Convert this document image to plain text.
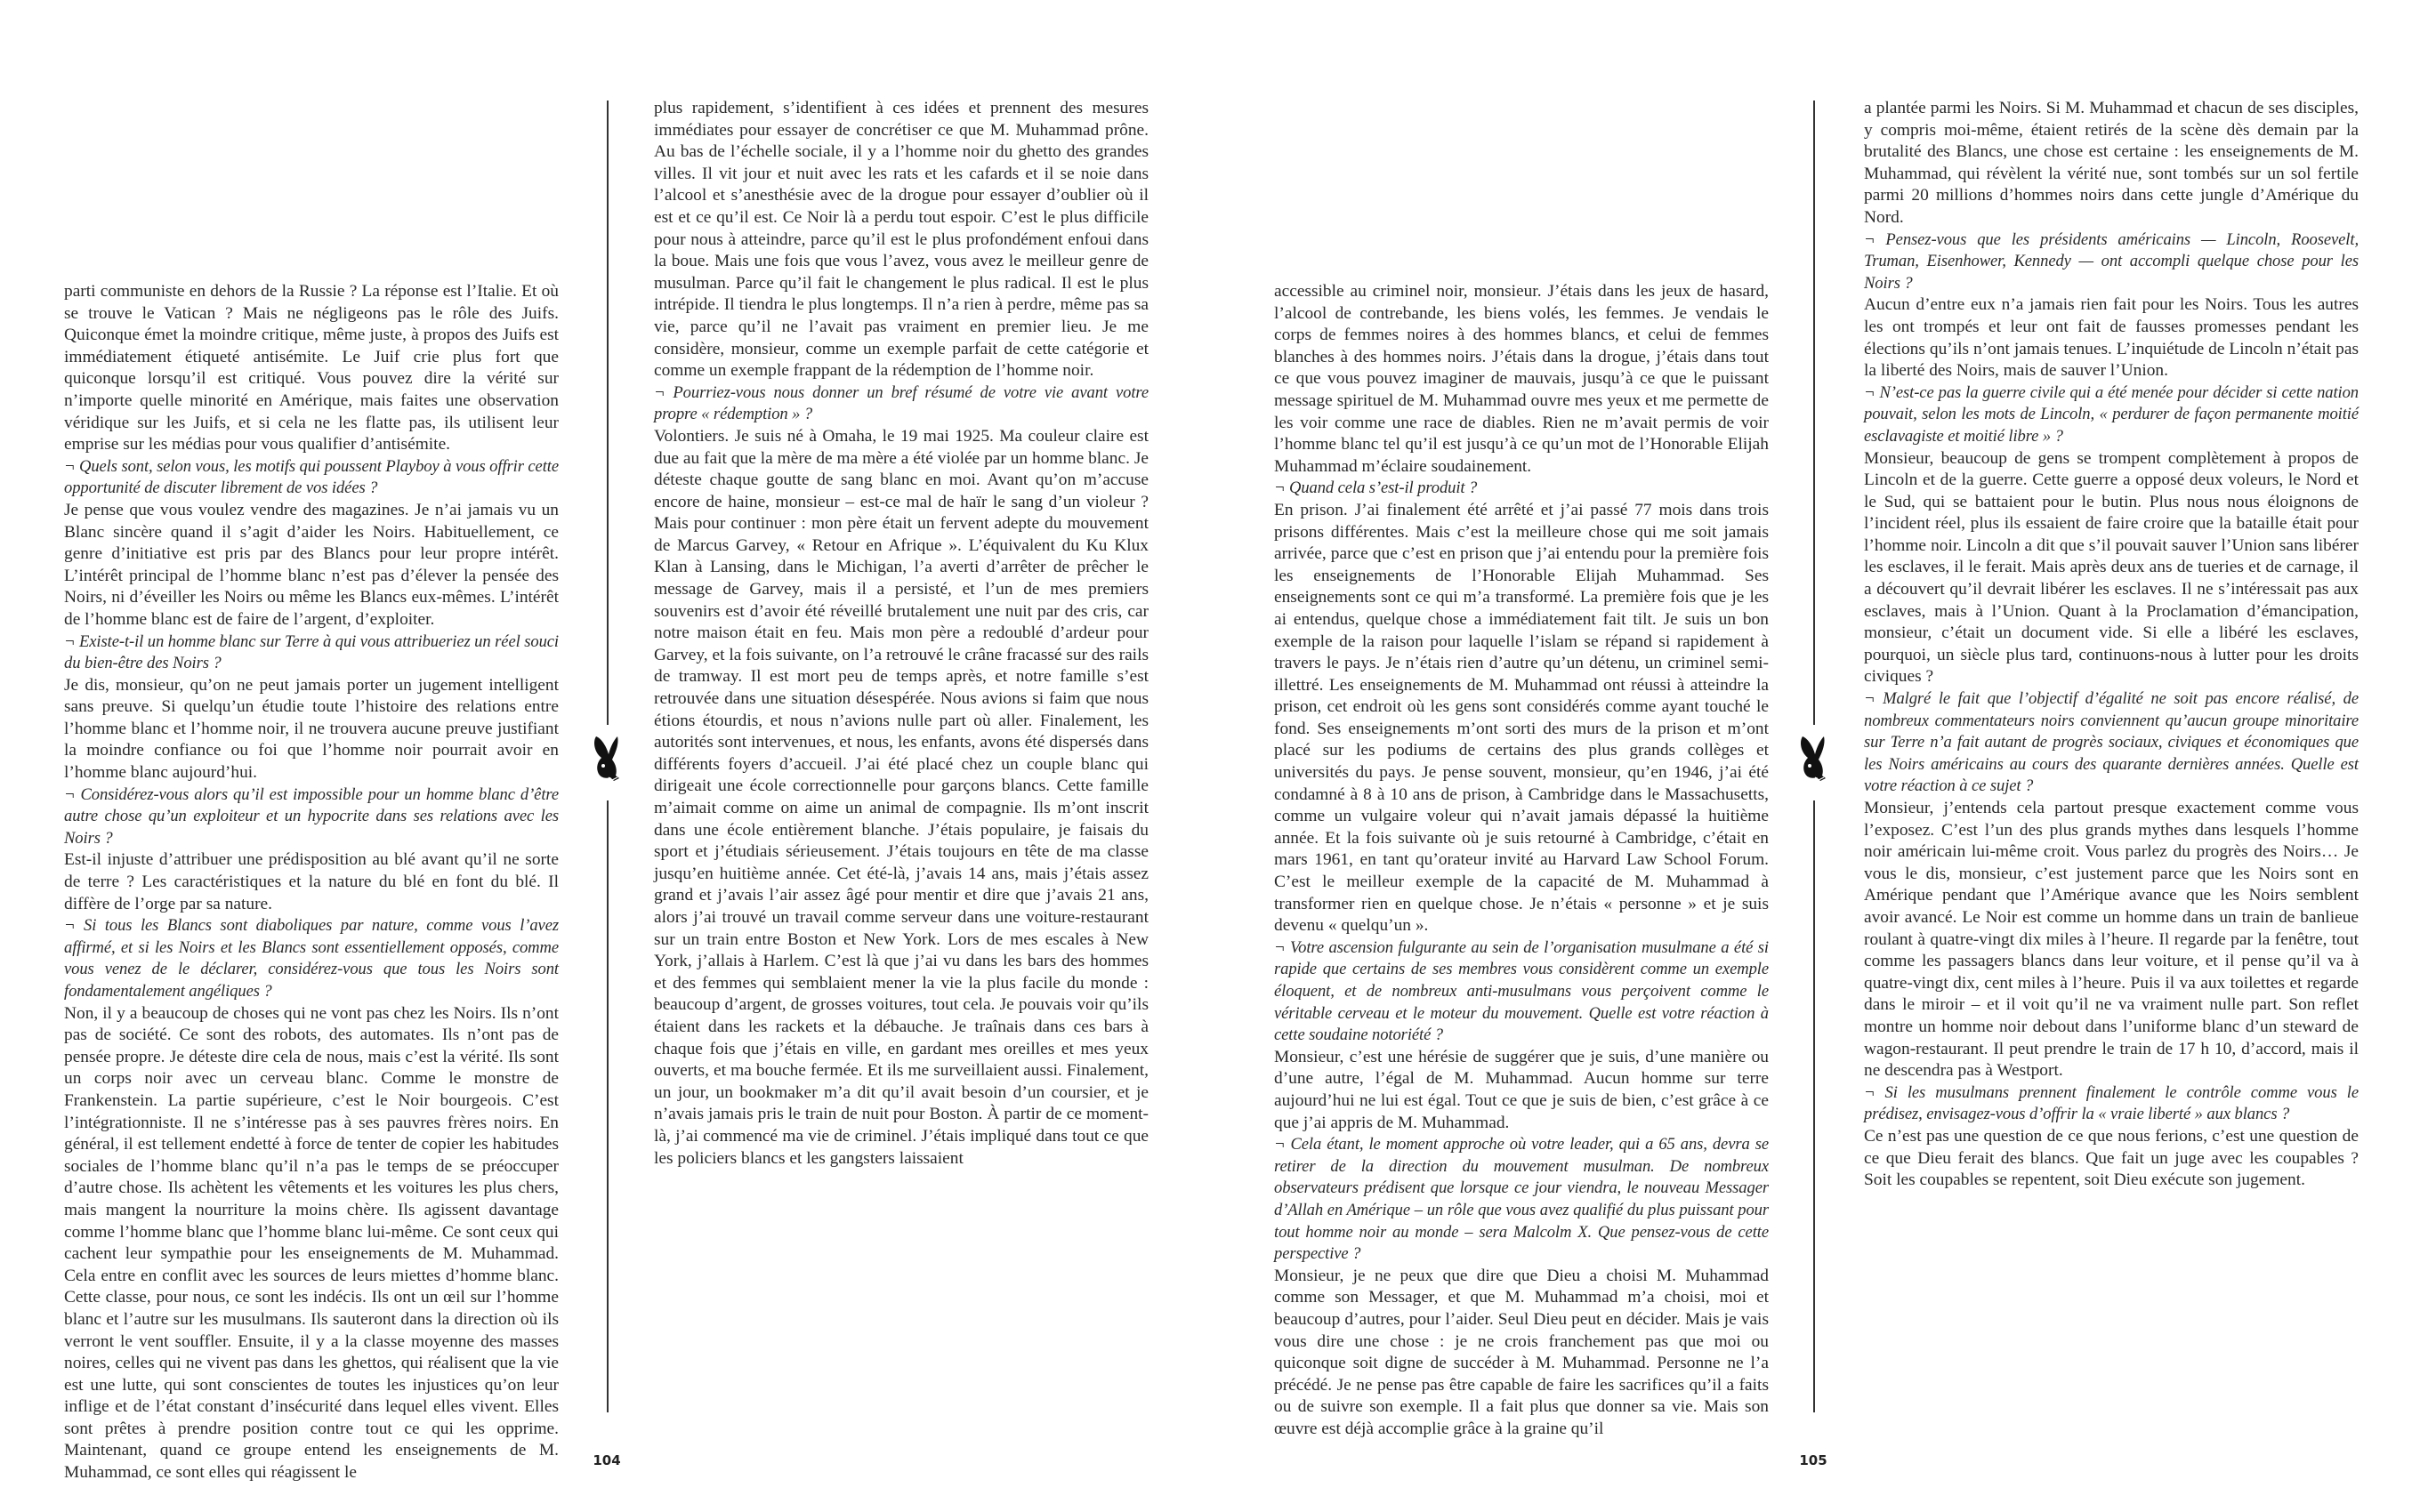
parti communiste en dehors de la Russie ? La réponse est l’Italie. Et où se trouve le Vatican ? Mais ne négligeons pas le rôle des Juifs. Quiconque émet la moindre critique, même juste, à propos des Juifs est immédiatement étiqueté antisémite. Le Juif crie plus fort que quiconque lorsqu’il est critiqué. Vous pouvez dire la vérité sur n’importe quelle minorité en Amérique, mais faites une observation véridique sur les Juifs, et si cela ne les flatte pas, ils utilisent leur emprise sur les médias pour vous qualifier d’antisémite.

¬ Quels sont, selon vous, les motifs qui poussent Playboy à vous offrir cette opportunité de discuter librement de vos idées ?

Je pense que vous voulez vendre des magazines. Je n’ai jamais vu un Blanc sincère quand il s’agit d’aider les Noirs. Habituellement, ce genre d’initiative est pris par des Blancs pour leur propre intérêt. L’intérêt principal de l’homme blanc n’est pas d’élever la pensée des Noirs, ni d’éveiller les Noirs ou même les Blancs eux-mêmes. L’intérêt de l’homme blanc est de faire de l’argent, d’exploiter.

¬ Existe-t-il un homme blanc sur Terre à qui vous attribueriez un réel souci du bien-être des Noirs ?

Je dis, monsieur, qu’on ne peut jamais porter un jugement intelligent sans preuve. Si quelqu’un étudie toute l’histoire des relations entre l’homme blanc et l’homme noir, il ne trouvera aucune preuve justifiant la moindre confiance ou foi que l’homme noir pourrait avoir en l’homme blanc aujourd’hui.

¬ Considérez-vous alors qu’il est impossible pour un homme blanc d’être autre chose qu’un exploiteur et un hypocrite dans ses relations avec les Noirs ?

Est-il injuste d’attribuer une prédisposition au blé avant qu’il ne sorte de terre ? Les caractéristiques et la nature du blé en font du blé. Il diffère de l’orge par sa nature.

¬ Si tous les Blancs sont diaboliques par nature, comme vous l’avez affirmé, et si les Noirs et les Blancs sont essentiellement opposés, comme vous venez de le déclarer, considérez-vous que tous les Noirs sont fondamentalement angéliques ?

Non, il y a beaucoup de choses qui ne vont pas chez les Noirs. Ils n’ont pas de société. Ce sont des robots, des automates. Ils n’ont pas de pensée propre. Je déteste dire cela de nous, mais c’est la vérité. Ils sont un corps noir avec un cerveau blanc. Comme le monstre de Frankenstein. La partie supérieure, c’est le Noir bourgeois. C’est l’intégrationniste. Il ne s’intéresse pas à ses pauvres frères noirs. En général, il est tellement endetté à force de tenter de copier les habitudes sociales de l’homme blanc qu’il n’a pas le temps de se préoccuper d’autre chose. Ils achètent les vêtements et les voitures les plus chers, mais mangent la nourriture la moins chère. Ils agissent davantage comme l’homme blanc que l’homme blanc lui-même. Ce sont ceux qui cachent leur sympathie pour les enseignements de M. Muhammad. Cela entre en conflit avec les sources de leurs miettes d’homme blanc. Cette classe, pour nous, ce sont les indécis. Ils ont un œil sur l’homme blanc et l’autre sur les musulmans. Ils sauteront dans la direction où ils verront le vent souffler. Ensuite, il y a la classe moyenne des masses noires, celles qui ne vivent pas dans les ghettos, qui réalisent que la vie est une lutte, qui sont conscientes de toutes les injustices qu’on leur inflige et de l’état constant d’insécurité dans lequel elles vivent. Elles sont prêtes à prendre position contre tout ce qui les opprime. Maintenant, quand ce groupe entend les enseignements de M. Muhammad, ce sont elles qui réagissent le

plus rapidement, s’identifient à ces idées et prennent des mesures immédiates pour essayer de concrétiser ce que M. Muhammad prône. Au bas de l’échelle sociale, il y a l’homme noir du ghetto des grandes villes. Il vit jour et nuit avec les rats et les cafards et il se noie dans l’alcool et s’anesthésie avec de la drogue pour essayer d’oublier où il est et ce qu’il est. Ce Noir là a perdu tout espoir. C’est le plus difficile pour nous à atteindre, parce qu’il est le plus profondément enfoui dans la boue. Mais une fois que vous l’avez, vous avez le meilleur genre de musulman. Parce qu’il fait le changement le plus radical. Il est le plus intrépide. Il tiendra le plus longtemps. Il n’a rien à perdre, même pas sa vie, parce qu’il ne l’avait pas vraiment en premier lieu. Je me considère, monsieur, comme un exemple parfait de cette catégorie et comme un exemple frappant de la rédemption de l’homme noir.

¬ Pourriez-vous nous donner un bref résumé de votre vie avant votre propre « rédemption » ?

Volontiers. Je suis né à Omaha, le 19 mai 1925. Ma couleur claire est due au fait que la mère de ma mère a été violée par un homme blanc. Je déteste chaque goutte de sang blanc en moi. Avant qu’on m’accuse encore de haine, monsieur – est-ce mal de haïr le sang d’un violeur ? Mais pour continuer : mon père était un fervent adepte du mouvement de Marcus Garvey, « Retour en Afrique ». L’équivalent du Ku Klux Klan à Lansing, dans le Michigan, l’a averti d’arrêter de prêcher le message de Garvey, mais il a persisté, et l’un de mes premiers souvenirs est d’avoir été réveillé brutalement une nuit par des cris, car notre maison était en feu. Mais mon père a redoublé d’ardeur pour Garvey, et la fois suivante, on l’a retrouvé le crâne fracassé sur des rails de tramway. Il est mort peu de temps après, et notre famille s’est retrouvée dans une situation désespérée. Nous avions si faim que nous étions étourdis, et nous n’avions nulle part où aller. Finalement, les autorités sont intervenues, et nous, les enfants, avons été dispersés dans différents foyers d’accueil. J’ai été placé chez un couple blanc qui dirigeait une école correctionnelle pour garçons blancs. Cette famille m’aimait comme on aime un animal de compagnie. Ils m’ont inscrit dans une école entièrement blanche. J’étais populaire, je faisais du sport et j’étudiais sérieusement. J’étais toujours en tête de ma classe jusqu’en huitième année. Cet été-là, j’avais 14 ans, mais j’étais assez grand et j’avais l’air assez âgé pour mentir et dire que j’avais 21 ans, alors j’ai trouvé un travail comme serveur dans une voiture-restaurant sur un train entre Boston et New York. Lors de mes escales à New York, j’allais à Harlem. C’est là que j’ai vu dans les bars des hommes et des femmes qui semblaient mener la vie la plus facile du monde : beaucoup d’argent, de grosses voitures, tout cela. Je pouvais voir qu’ils étaient dans les rackets et la débauche. Je traînais dans ces bars à chaque fois que j’étais en ville, en gardant mes oreilles et mes yeux ouverts, et ma bouche fermée. Et ils me surveillaient aussi. Finalement, un jour, un bookmaker m’a dit qu’il avait besoin d’un coursier, et je n’avais jamais pris le train de nuit pour Boston. À partir de ce moment-là, j’ai commencé ma vie de criminel. J’étais impliqué dans tout ce que les policiers blancs et les gangsters laissaient

104

accessible au criminel noir, monsieur. J’étais dans les jeux de hasard, l’alcool de contrebande, les biens volés, les femmes. Je vendais le corps de femmes noires à des hommes blancs, et celui de femmes blanches à des hommes noirs. J’étais dans la drogue, j’étais dans tout ce que vous pouvez imaginer de mauvais, jusqu’à ce que le puissant message spirituel de M. Muhammad ouvre mes yeux et me permette de les voir comme une race de diables. Rien ne m’avait permis de voir l’homme blanc tel qu’il est jusqu’à ce qu’un mot de l’Honorable Elijah Muhammad m’éclaire soudainement.

¬ Quand cela s’est-il produit ?

En prison. J’ai finalement été arrêté et j’ai passé 77 mois dans trois prisons différentes. Mais c’est la meilleure chose qui me soit jamais arrivée, parce que c’est en prison que j’ai entendu pour la première fois les enseignements de l’Honorable Elijah Muhammad. Ses enseignements sont ce qui m’a transformé. La première fois que je les ai entendus, quelque chose a immédiatement fait tilt. Je suis un bon exemple de la raison pour laquelle l’islam se répand si rapidement à travers le pays. Je n’étais rien d’autre qu’un détenu, un criminel semi-illettré. Les enseignements de M. Muhammad ont réussi à atteindre la prison, cet endroit où les gens sont considérés comme ayant touché le fond. Ses enseignements m’ont sorti des murs de la prison et m’ont placé sur les podiums de certains des plus grands collèges et universités du pays. Je pense souvent, monsieur, qu’en 1946, j’ai été condamné à 8 à 10 ans de prison, à Cambridge dans le Massachusetts, comme un vulgaire voleur qui n’avait jamais dépassé la huitième année. Et la fois suivante où je suis retourné à Cambridge, c’était en mars 1961, en tant qu’orateur invité au Harvard Law School Forum. C’est le meilleur exemple de la capacité de M. Muhammad à transformer rien en quelque chose. Je n’étais « personne » et je suis devenu « quelqu’un ».

¬ Votre ascension fulgurante au sein de l’organisation musulmane a été si rapide que certains de ses membres vous considèrent comme un exemple éloquent, et de nombreux anti-musulmans vous perçoivent comme le véritable cerveau et le moteur du mouvement. Quelle est votre réaction à cette soudaine notoriété ?

Monsieur, c’est une hérésie de suggérer que je suis, d’une manière ou d’une autre, l’égal de M. Muhammad. Aucun homme sur terre aujourd’hui ne lui est égal. Tout ce que je suis de bien, c’est grâce à ce que j’ai appris de M. Muhammad.

¬ Cela étant, le moment approche où votre leader, qui a 65 ans, devra se retirer de la direction du mouvement musulman. De nombreux observateurs prédisent que lorsque ce jour viendra, le nouveau Messager d’Allah en Amérique – un rôle que vous avez qualifié du plus puissant pour tout homme noir au monde – sera Malcolm X. Que pensez-vous de cette perspective ?

Monsieur, je ne peux que dire que Dieu a choisi M. Muhammad comme son Messager, et que M. Muhammad m’a choisi, moi et beaucoup d’autres, pour l’aider. Seul Dieu peut en décider. Mais je vais vous dire une chose : je ne crois franchement pas que moi ou quiconque soit digne de succéder à M. Muhammad. Personne ne l’a précédé. Je ne pense pas être capable de faire les sacrifices qu’il a faits ou de suivre son exemple. Il a fait plus que donner sa vie. Mais son œuvre est déjà accomplie grâce à la graine qu’il

a plantée parmi les Noirs. Si M. Muhammad et chacun de ses disciples, y compris moi-même, étaient retirés de la scène dès demain par la brutalité des Blancs, une chose est certaine : les enseignements de M. Muhammad, qui révèlent la vérité nue, sont tombés sur un sol fertile parmi 20 millions d’hommes noirs dans cette jungle d’Amérique du Nord.

¬ Pensez-vous que les présidents américains — Lincoln, Roosevelt, Truman, Eisenhower, Kennedy — ont accompli quelque chose pour les Noirs ?

Aucun d’entre eux n’a jamais rien fait pour les Noirs. Tous les autres les ont trompés et leur ont fait de fausses promesses pendant les élections qu’ils n’ont jamais tenues. L’inquiétude de Lincoln n’était pas la liberté des Noirs, mais de sauver l’Union.

¬ N’est-ce pas la guerre civile qui a été menée pour décider si cette nation pouvait, selon les mots de Lincoln, « perdurer de façon permanente moitié esclavagiste et moitié libre » ?

Monsieur, beaucoup de gens se trompent complètement à propos de Lincoln et de la guerre. Cette guerre a opposé deux voleurs, le Nord et le Sud, qui se battaient pour le butin. Plus nous nous éloignons de l’incident réel, plus ils essaient de faire croire que la bataille était pour l’homme noir. Lincoln a dit que s’il pouvait sauver l’Union sans libérer les esclaves, il le ferait. Mais après deux ans de tueries et de carnage, il a découvert qu’il devrait libérer les esclaves. Il ne s’intéressait pas aux esclaves, mais à l’Union. Quant à la Proclamation d’émancipation, monsieur, c’était un document vide. Si elle a libéré les esclaves, pourquoi, un siècle plus tard, continuons-nous à lutter pour les droits civiques ?

¬ Malgré le fait que l’objectif d’égalité ne soit pas encore réalisé, de nombreux commentateurs noirs conviennent qu’aucun groupe minoritaire sur Terre n’a fait autant de progrès sociaux, civiques et économiques que les Noirs américains au cours des quarante dernières années. Quelle est votre réaction à ce sujet ?

Monsieur, j’entends cela partout presque exactement comme vous l’exposez. C’est l’un des plus grands mythes dans lesquels l’homme noir américain lui-même croit. Vous parlez du progrès des Noirs… Je vous le dis, monsieur, c’est justement parce que les Noirs sont en Amérique pendant que l’Amérique avance que les Noirs semblent avoir avancé. Le Noir est comme un homme dans un train de banlieue roulant à quatre-vingt dix miles à l’heure. Il regarde par la fenêtre, tout comme les passagers blancs dans leur voiture, et il pense qu’il va à quatre-vingt dix, cent miles à l’heure. Puis il va aux toilettes et regarde dans le miroir – et il voit qu’il ne va vraiment nulle part. Son reflet montre un homme noir debout dans l’uniforme blanc d’un steward de wagon-restaurant. Il peut prendre le train de 17 h 10, d’accord, mais il ne descendra pas à Westport.

¬ Si les musulmans prennent finalement le contrôle comme vous le prédisez, envisagez-vous d’offrir la « vraie liberté » aux blancs ?

Ce n’est pas une question de ce que nous ferions, c’est une question de ce que Dieu ferait des blancs. Que fait un juge avec les coupables ? Soit les coupables se repentent, soit Dieu exécute son jugement.

105
